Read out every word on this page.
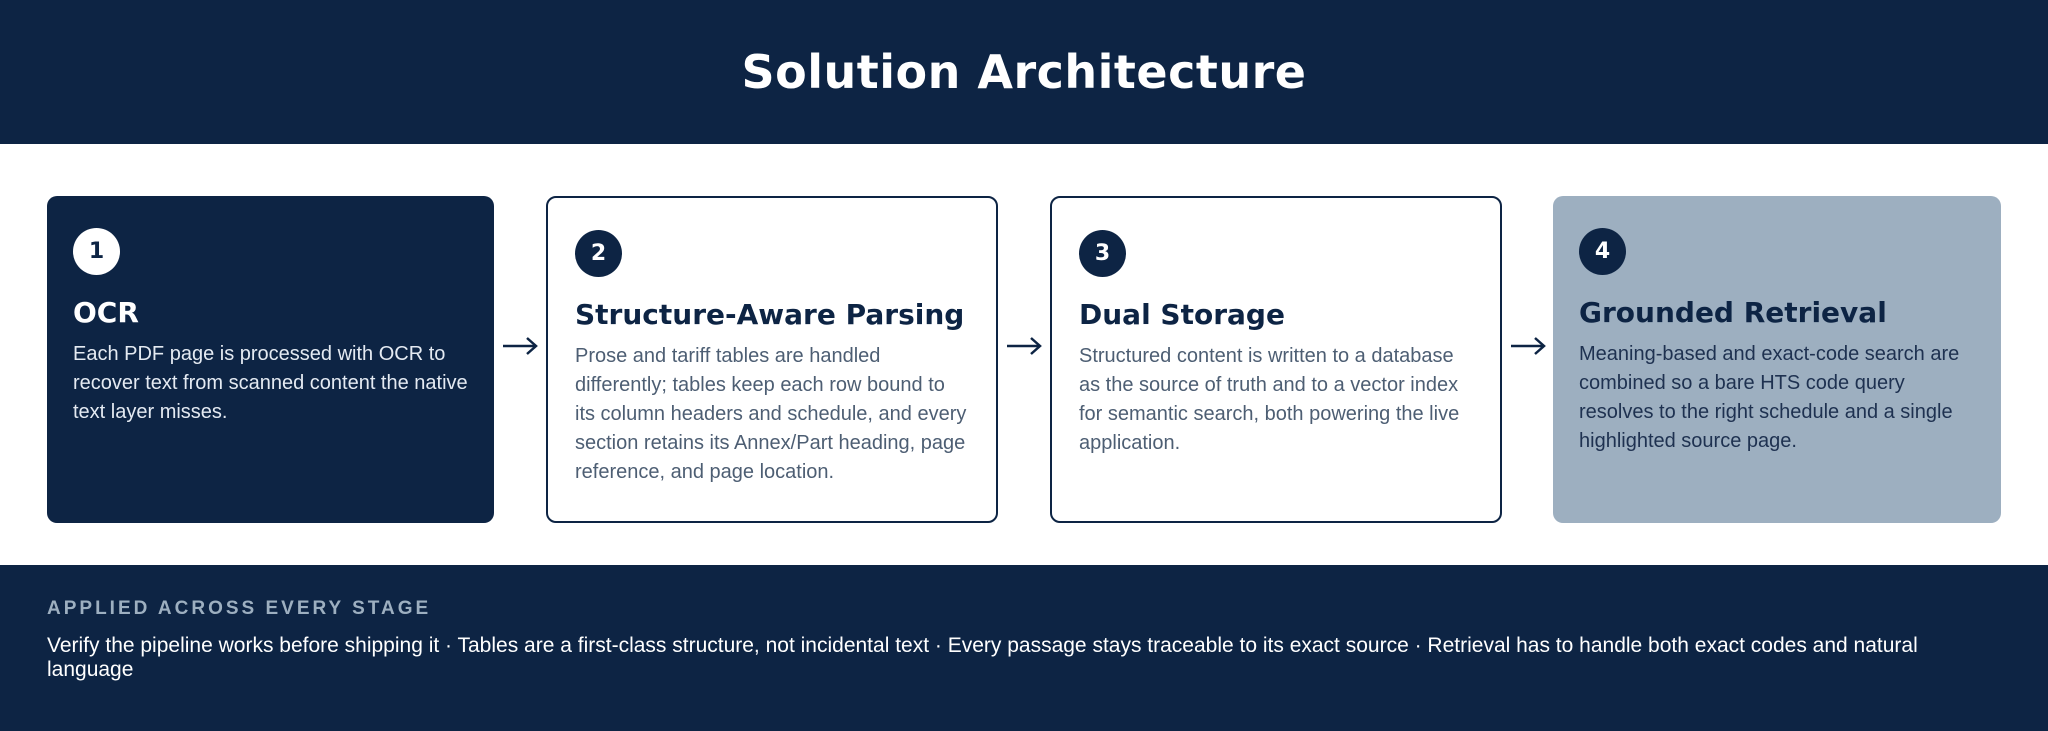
Solution Architecture
1
OCR

Each PDF page is processed with OCR to recover text from scanned content the native text layer misses.

2
Structure-Aware Parsing

Prose and tariff tables are handled differently; tables keep each row bound to its column headers and schedule, and every section retains its Annex/Part heading, page reference, and page location.

3
Dual Storage

Structured content is written to a database as the source of truth and to a vector index for semantic search, both powering the live application.

4
Grounded Retrieval

Meaning-based and exact-code search are combined so a bare HTS code query resolves to the right schedule and a single highlighted source page.

APPLIED ACROSS EVERY STAGE
Verify the pipeline works before shipping it · Tables are a first-class structure, not incidental text · Every passage stays traceable to its exact source · Retrieval has to handle both exact codes and natural language
